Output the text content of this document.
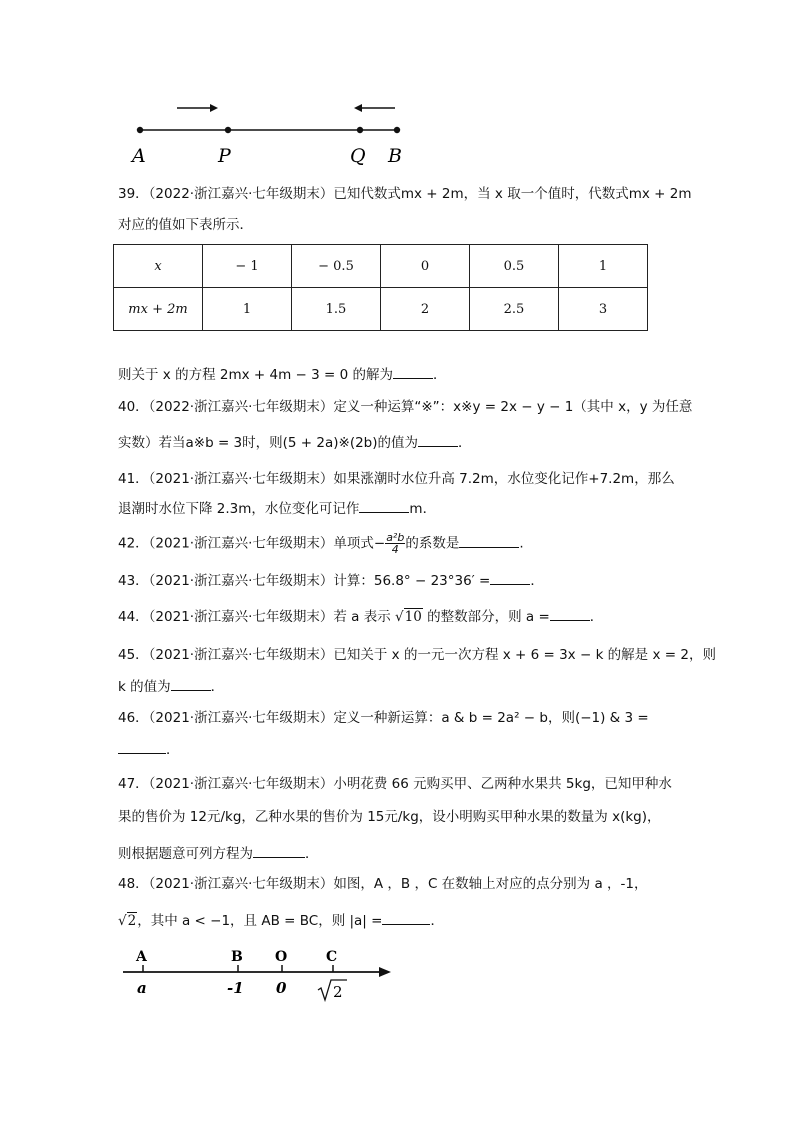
A	P	Q B
39．（2022·浙江嘉兴·七年级期末）已知代数式mx + 2m，当 x 取一个值时，代数式mx + 2m
对应的值如下表所示．
x	− 1	− 0.5	0	0.5	1
mx + 2m	1	1.5	2	2.5	3
则关于 x 的方程 2mx + 4m − 3 = 0 的解为	．
40．（2022·浙江嘉兴·七年级期末）定义一种运算“※”：x※y = 2x − y − 1（其中 x，y 为任意
实数）若当a※b = 3时，则(5 + 2a)※(2b)的值为	．
41．（2021·浙江嘉兴·七年级期末）如果涨潮时水位升高 7.2m，水位变化记作+7.2m，那么
退潮时水位下降 2.3m，水位变化可记作	m．
42．（2021·浙江嘉兴·七年级期末）单项式− $\frac{\text{a²b}}{4}$ 的系数是	.
43．（2021·浙江嘉兴·七年级期末）计算：56.8° − 23°36′ =	．
44．（2021·浙江嘉兴·七年级期末）若 a 表示 √10 的整数部分，则 a =	．
45．（2021·浙江嘉兴·七年级期末）已知关于 x 的一元一次方程 x + 6 = 3x − k 的解是 x = 2，则
k 的值为	．
46．（2021·浙江嘉兴·七年级期末）定义一种新运算：a & b = 2a² − b，则(−1) & 3 =
．
47．（2021·浙江嘉兴·七年级期末）小明花费 66 元购买甲、乙两种水果共 5kg，已知甲种水
果的售价为 12元/kg，乙种水果的售价为 15元/kg，设小明购买甲种水果的数量为 x(kg)，
则根据题意可列方程为	．
48．（2021·浙江嘉兴·七年级期末）如图，A ，B ，C 在数轴上对应的点分别为 a ，-1，
√2，其中 a < −1，且 AB = BC，则 |a| =	．
A	B O	C
a	-1 0	2
